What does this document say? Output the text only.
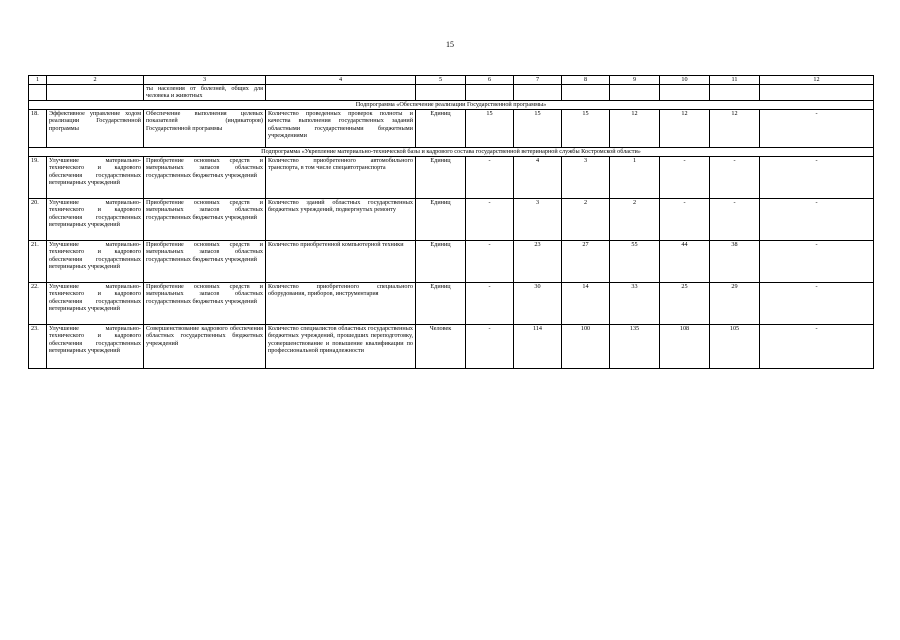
15
1	2	3	4	5	6	7	8	9	10	11	12
		ты населения от болезней, общих для человека и животных									
Подпрограмма «Обеспечение реализации Государственной программы»											
18.	Эффективное управление ходом реализации Государственной программы	Обеспечение выполнения целевых показателей (индикаторов) Государственной программы	Количество проведенных проверок полноты и качества выполнения государственных заданий областными государственными бюджетными учреждениями	Единиц	15	15	15	12	12	12	-
Подпрограмма «Укрепление материально-технической базы и кадрового состава государственной ветеринарной службы Костромской области»											
19.	Улучшение материально-технического и кадрового обеспечения государственных ветеринарных учреждений	Приобретение основных средств и материальных запасов областных государственных бюджетных учреждений	Количество приобретенного автомобильного транспорта, в том числе спецавтотранспорта	Единиц	-	4	3	1	-	-	-
20.	Улучшение материально-технического и кадрового обеспечения государственных ветеринарных учреждений	Приобретение основных средств и материальных запасов областных государственных бюджетных учреждений	Количество зданий областных государственных бюджетных учреждений, подвергнутых ремонту	Единиц	-	3	2	2	-	-	-
21.	Улучшение материально-технического и кадрового обеспечения государственных ветеринарных учреждений	Приобретение основных средств и материальных запасов областных государственных бюджетных учреждений	Количество приобретенной компьютерной техники	Единиц	-	23	27	55	44	38	-
22.	Улучшение материально-технического и кадрового обеспечения государственных ветеринарных учреждений	Приобретение основных средств и материальных запасов областных государственных бюджетных учреждений	Количество приобретенного специального оборудования, приборов, инструментария	Единиц	-	30	14	33	25	29	-
23.	Улучшение материально-технического и кадрового обеспечения государственных ветеринарных учреждений	Совершенствование кадрового обеспечения областных государственных бюджетных учреждений	Количество специалистов областных государственных бюджетных учреждений, прошедших переподготовку, усовершенствование и повышение квалификации по профессиональной принадлежности	Человек	-	114	100	135	108	105	-
